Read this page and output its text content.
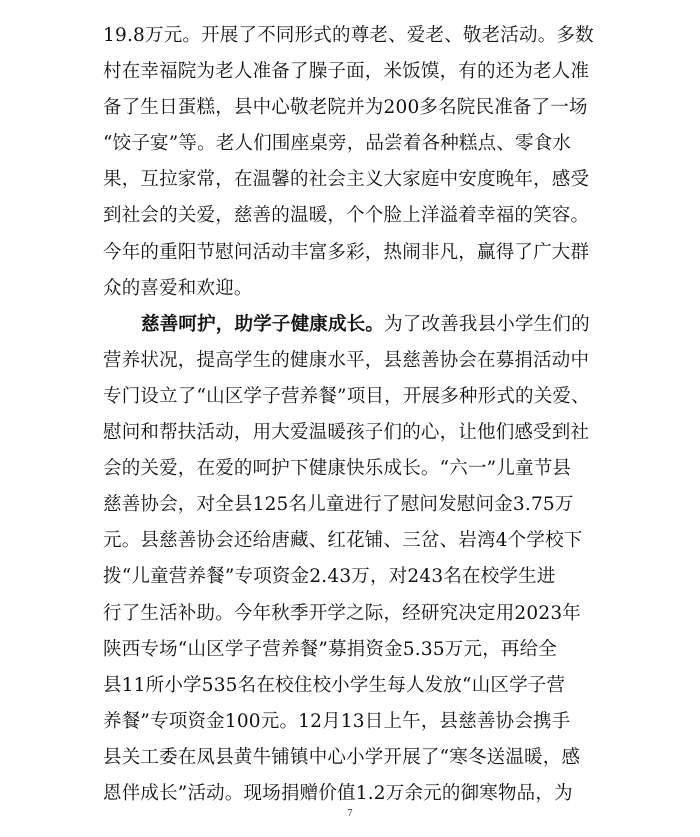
19.8万元。开展了不同形式的尊老、爱老、敬老活动。多数
村在幸福院为老人准备了臊子面，米饭馍，有的还为老人准
备了生日蛋糕，县中心敬老院并为200多名院民准备了一场
“饺子宴”等。老人们围座桌旁，品尝着各种糕点、零食水
果，互拉家常，在温馨的社会主义大家庭中安度晚年，感受
到社会的关爱，慈善的温暖，个个脸上洋溢着幸福的笑容。
今年的重阳节慰问活动丰富多彩，热闹非凡，赢得了广大群
众的喜爱和欢迎。
慈善呵护，助学子健康成长。为了改善我县小学生们的
营养状况，提高学生的健康水平，县慈善协会在募捐活动中
专门设立了“山区学子营养餐”项目，开展多种形式的关爱、
慰问和帮扶活动，用大爱温暖孩子们的心，让他们感受到社
会的关爱，在爱的呵护下健康快乐成长。“六一”儿童节县
慈善协会，对全县125名儿童进行了慰问发慰问金3.75万
元。县慈善协会还给唐藏、红花铺、三岔、岩湾4个学校下
拨“儿童营养餐”专项资金2.43万，对243名在校学生进
行了生活补助。今年秋季开学之际，经研究决定用2023年
陕西专场“山区学子营养餐”募捐资金5.35万元，再给全
县11所小学535名在校住校小学生每人发放“山区学子营
养餐”专项资金100元。12月13日上午，县慈善协会携手
县关工委在凤县黄牛铺镇中心小学开展了“寒冬送温暖，感
恩伴成长”活动。现场捐赠价值1.2万余元的御寒物品，为
7
